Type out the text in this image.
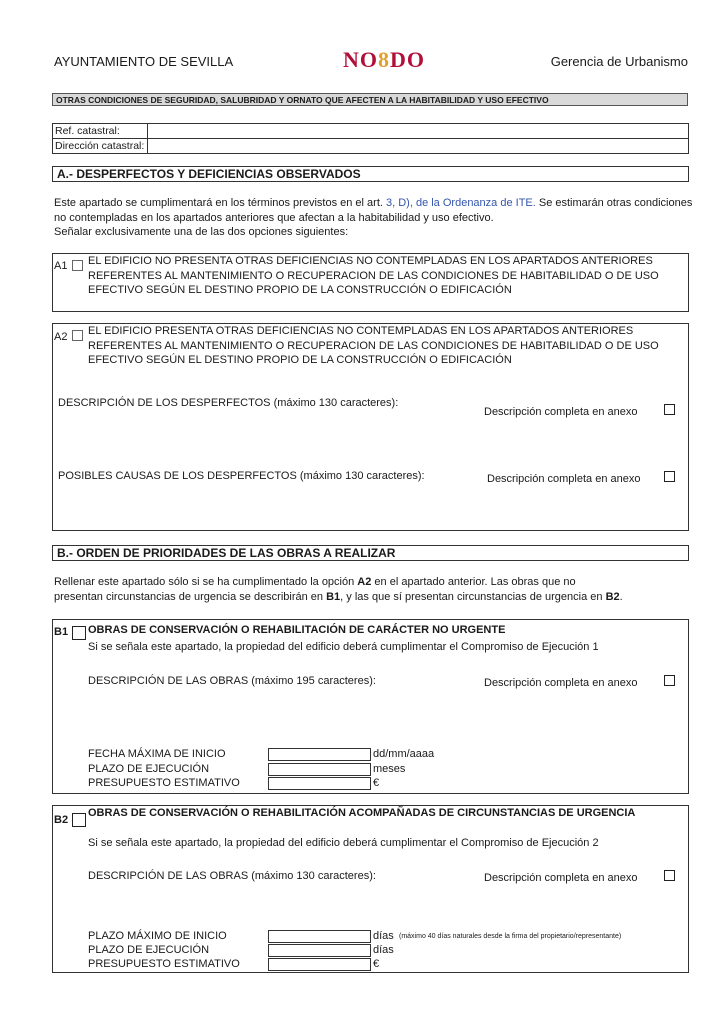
AYUNTAMIENTO DE SEVILLA	NO8DO	Gerencia de Urbanismo
OTRAS CONDICIONES DE SEGURIDAD, SALUBRIDAD Y ORNATO QUE AFECTEN A LA HABITABILIDAD Y USO EFECTIVO
Ref. catastral:	
Dirección catastral:	
A.- DESPERFECTOS Y DEFICIENCIAS OBSERVADOS
Este apartado se cumplimentará en los términos previstos en el art. 3, D), de la Ordenanza de ITE. Se estimarán otras condiciones no contempladas en los apartados anteriores que afectan a la habitabilidad y uso efectivo.
Señalar exclusivamente una de las dos opciones siguientes:
A1 EL EDIFICIO NO PRESENTA OTRAS DEFICIENCIAS NO CONTEMPLADAS EN LOS APARTADOS ANTERIORES REFERENTES AL MANTENIMIENTO O RECUPERACION DE LAS CONDICIONES DE HABITABILIDAD O DE USO EFECTIVO SEGÚN EL DESTINO PROPIO DE LA CONSTRUCCIÓN O EDIFICACIÓN
A2 EL EDIFICIO PRESENTA OTRAS DEFICIENCIAS NO CONTEMPLADAS EN LOS APARTADOS ANTERIORES REFERENTES AL MANTENIMIENTO O RECUPERACION DE LAS CONDICIONES DE HABITABILIDAD O DE USO EFECTIVO SEGÚN EL DESTINO PROPIO DE LA CONSTRUCCIÓN O EDIFICACIÓN
DESCRIPCIÓN DE LOS DESPERFECTOS (máximo 130 caracteres):
Descripción completa en anexo
POSIBLES CAUSAS DE LOS DESPERFECTOS (máximo 130 caracteres):	Descripción completa en anexo
B.- ORDEN DE PRIORIDADES DE LAS OBRAS A REALIZAR
Rellenar este apartado sólo si se ha cumplimentado la opción A2 en el apartado anterior. Las obras que no
presentan circunstancias de urgencia se describirán en B1, y las que sí presentan circunstancias de urgencia en B2.
B1 OBRAS DE CONSERVACIÓN O REHABILITACIÓN DE CARÁCTER NO URGENTE
Si se señala este apartado, la propiedad del edificio deberá cumplimentar el Compromiso de Ejecución 1
DESCRIPCIÓN DE LAS OBRAS (máximo 195 caracteres):	Descripción completa en anexo
FECHA MÁXIMA DE INICIO	dd/mm/aaaa
PLAZO DE EJECUCIÓN	meses
PRESUPUESTO ESTIMATIVO	€
B2
OBRAS DE CONSERVACIÓN O REHABILITACIÓN ACOMPAÑADAS DE CIRCUNSTANCIAS DE URGENCIA
Si se señala este apartado, la propiedad del edificio deberá cumplimentar el Compromiso de Ejecución 2
DESCRIPCIÓN DE LAS OBRAS (máximo 130 caracteres):	Descripción completa en anexo
PLAZO MÁXIMO DE INICIO	días (máximo 40 días naturales desde la firma del propietario/representante)
PLAZO DE EJECUCIÓN	días
PRESUPUESTO ESTIMATIVO	€
